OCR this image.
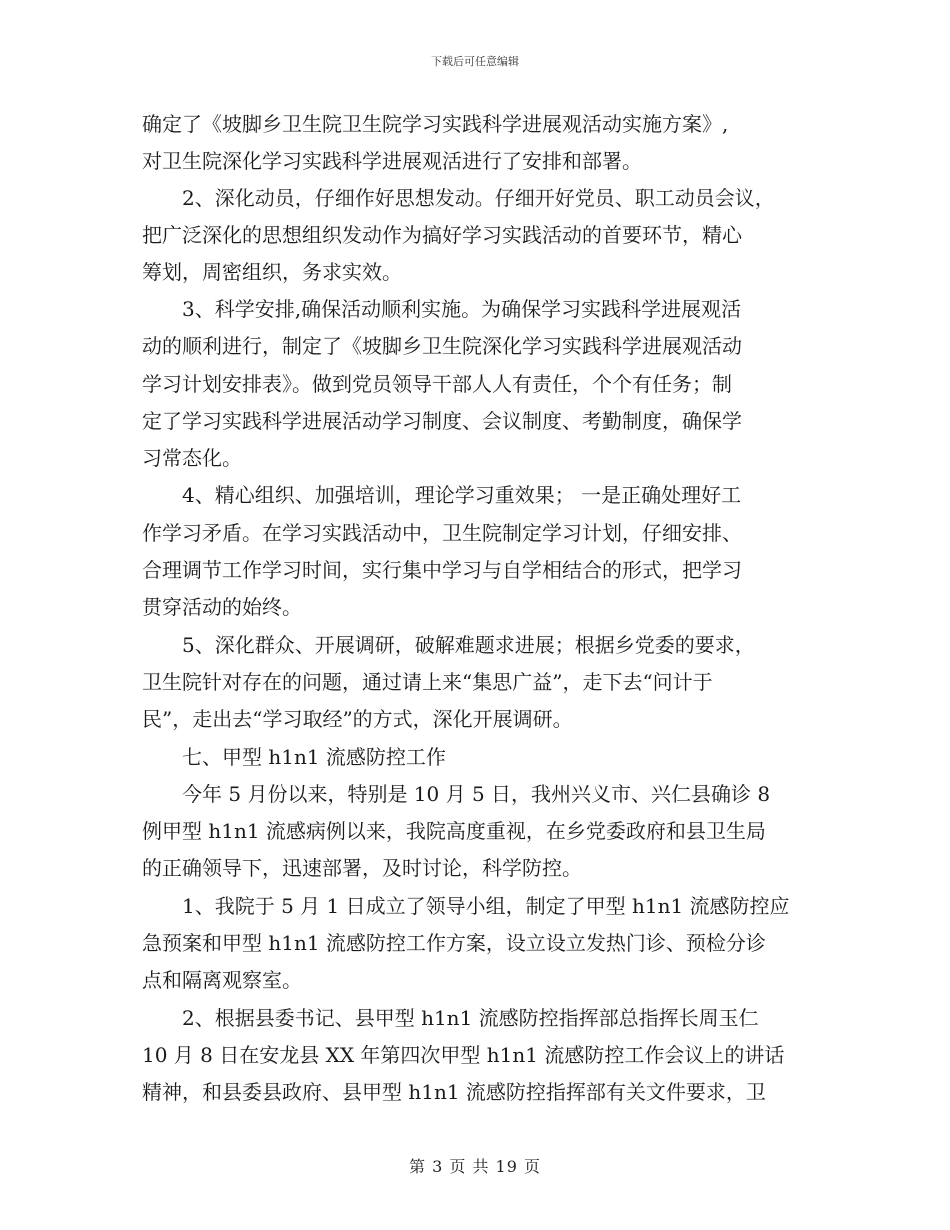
下载后可任意编辑
确定了《坡脚乡卫生院卫生院学习实践科学进展观活动实施方案》,
对卫生院深化学习实践科学进展观活进行了安排和部署。
2、深化动员，仔细作好思想发动。仔细开好党员、职工动员会议，
把广泛深化的思想组织发动作为搞好学习实践活动的首要环节，精心
筹划，周密组织，务求实效。
3、科学安排,确保活动顺利实施。为确保学习实践科学进展观活
动的顺利进行，制定了《坡脚乡卫生院深化学习实践科学进展观活动
学习计划安排表》。做到党员领导干部人人有责任，个个有任务；制
定了学习实践科学进展活动学习制度、会议制度、考勤制度，确保学
习常态化。
4、精心组织、加强培训，理论学习重效果； 一是正确处理好工
作学习矛盾。在学习实践活动中，卫生院制定学习计划，仔细安排、
合理调节工作学习时间，实行集中学习与自学相结合的形式，把学习
贯穿活动的始终。
5、深化群众、开展调研，破解难题求进展；根据乡党委的要求，
卫生院针对存在的问题，通过请上来“集思广益”，走下去“问计于
民”，走出去“学习取经”的方式，深化开展调研。
七、甲型 h1n1 流感防控工作
今年 5 月份以来，特别是 10 月 5 日，我州兴义市、兴仁县确诊 8
例甲型 h1n1 流感病例以来，我院高度重视，在乡党委政府和县卫生局
的正确领导下，迅速部署，及时讨论，科学防控。
1、我院于 5 月 1 日成立了领导小组，制定了甲型 h1n1 流感防控应
急预案和甲型 h1n1 流感防控工作方案，设立设立发热门诊、预检分诊
点和隔离观察室。
2、根据县委书记、县甲型 h1n1 流感防控指挥部总指挥长周玉仁
10 月 8 日在安龙县 XX 年第四次甲型 h1n1 流感防控工作会议上的讲话
精神，和县委县政府、县甲型 h1n1 流感防控指挥部有关文件要求，卫
第 3 页 共 19 页
